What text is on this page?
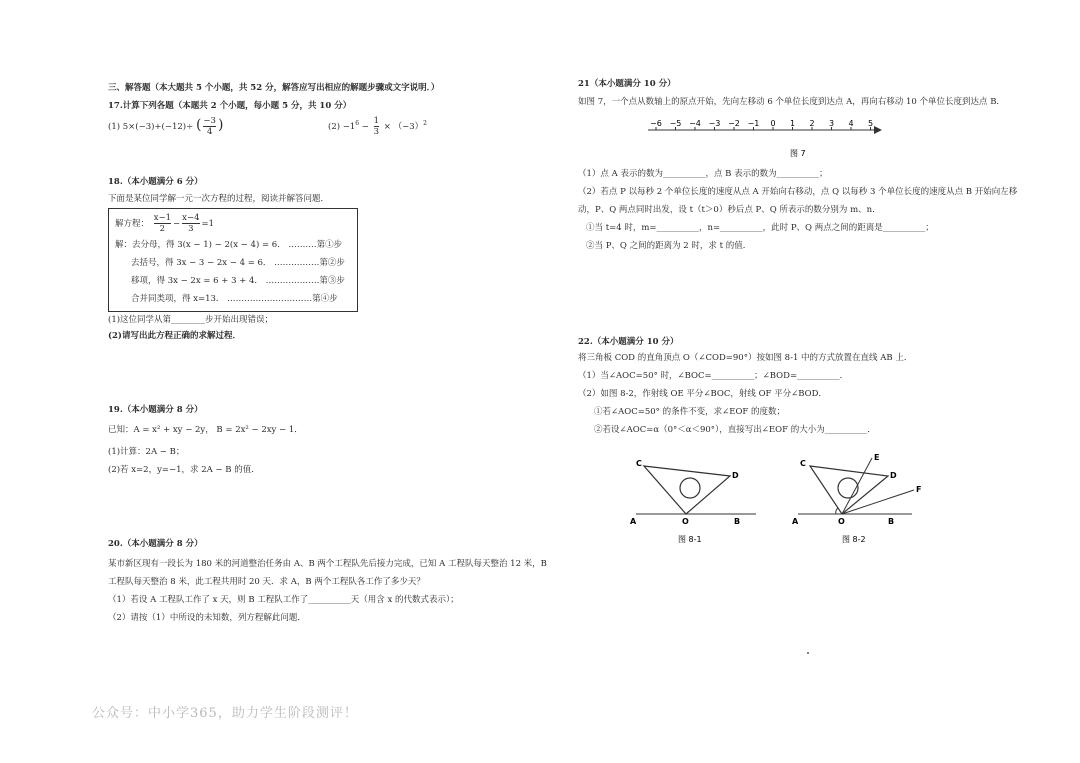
三、解答题（本大题共 5 个小题，共 52 分，解答应写出相应的解题步骤或文字说明．）
17.计算下列各题（本题共 2 个小题，每小题 5 分，共 10 分）
(1) 5×(−3)+(−12)÷ ( $\frac{-3}{4}$ )	$(2) -1^6 - \frac{1}{3} \times (-3)^2$
18.（本小题满分 6 分）
下面是某位同学解一元一次方程的过程，阅读并解答问题．
解方程： $\frac{x-1}{2} - \frac{x-4}{3} =1$
解：去分母，得 3(x − 1) − 2(x − 4) = 6． ……….第①步
去括号，得 3x − 3 − 2x − 4 = 6． …………….第②步
移项，得 3x − 2x = 6 + 3 + 4． ……………….第③步
合并同类项，得 x=13． …………………………第④步
(1)这位同学从第________步开始出现错误；
(2)请写出此方程正确的求解过程．
19.（本小题满分 8 分）
已知：A = x² + xy − 2y， B = 2x² − 2xy − 1．
(1)计算：2A − B；
(2)若 x=2，y=−1，求 2A − B 的值．
20.（本小题满分 8 分）
某市新区现有一段长为 180 米的河道整治任务由 A、B 两个工程队先后接力完成，已知 A 工程队每天整治 12 米，B
工程队每天整治 8 米，此工程共用时 20 天．求 A，B 两个工程队各工作了多少天？
（1）若设 A 工程队工作了 x 天，则 B 工程队工作了__________天（用含 x 的代数式表示）；
（2）请按（1）中所设的未知数，列方程解此问题．
21（本小题满分 10 分）
如图 7，一个点从数轴上的原点开始，先向左移动 6 个单位长度到达点 A，再向右移动 10 个单位长度到达点 B．
−6 −5 −4 −3 −2 −1 0 1 2 3 4 5
图 7
（1）点 A 表示的数为__________，点 B 表示的数为__________；
（2）若点 P 以每秒 2 个单位长度的速度从点 A 开始向右移动，点 Q 以每秒 3 个单位长度的速度从点 B 开始向左移
动，P、Q 两点同时出发，设 t（t＞0）秒后点 P、Q 所表示的数分别为 m、n．
①当 t=4 时，m=__________，n=__________，此时 P、Q 两点之间的距离是__________；
②当 P、Q 之间的距离为 2 时，求 t 的值．
22.（本小题满分 10 分）
将三角板 COD 的直角顶点 O（∠COD=90°）按如图 8-1 中的方式放置在直线 AB 上．
（1）当∠AOC=50° 时，∠BOC=__________；∠BOD=__________．
（2）如图 8-2，作射线 OE 平分∠BOC，射线 OF 平分∠BOD．
①若∠AOC=50° 的条件不变，求∠EOF 的度数；
②若设∠AOC=α（0°＜α＜90°），直接写出∠EOF 的大小为__________．
C
D
A	O	B
图 8-1
C
D
E
F
A	O	B
图 8-2
公众号：中小学365，助力学生阶段测评！
